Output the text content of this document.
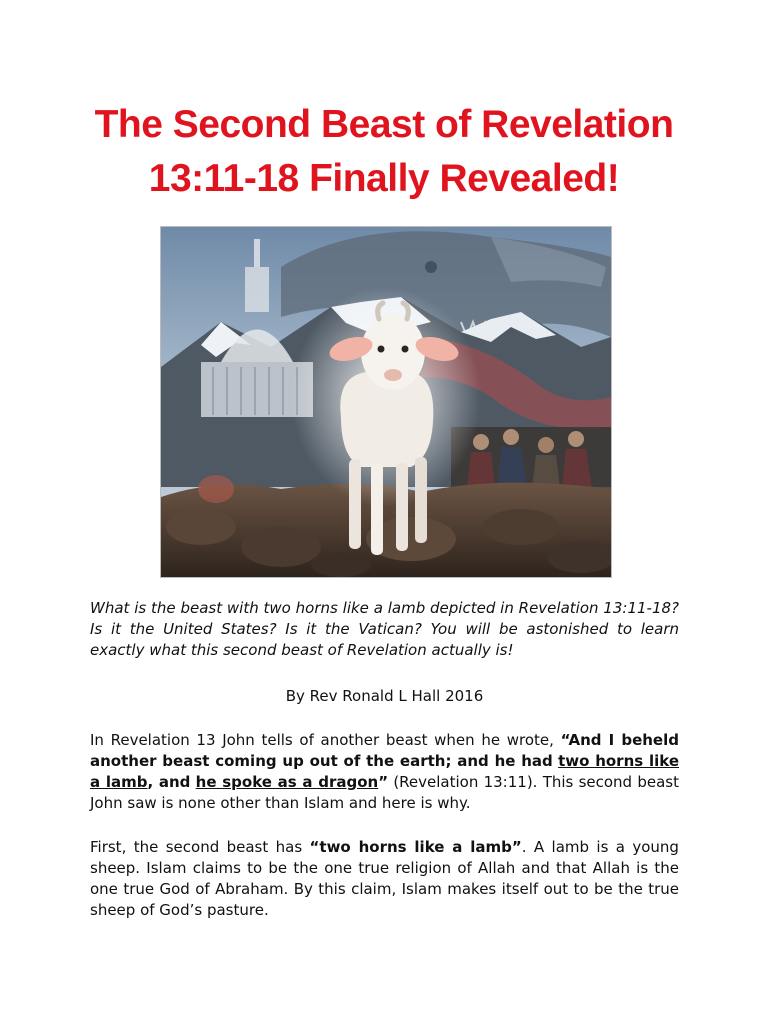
The Second Beast of Revelation 13:11-18 Finally Revealed!

What is the beast with two horns like a lamb depicted in Revelation 13:11-18? Is it the United States? Is it the Vatican? You will be astonished to learn exactly what this second beast of Revelation actually is!

By Rev Ronald L Hall 2016

In Revelation 13 John tells of another beast when he wrote, “And I beheld another beast coming up out of the earth; and he had two horns like a lamb, and he spoke as a dragon” (Revelation 13:11). This second beast John saw is none other than Islam and here is why.

First, the second beast has “two horns like a lamb”. A lamb is a young sheep. Islam claims to be the one true religion of Allah and that Allah is the one true God of Abraham. By this claim, Islam makes itself out to be the true sheep of God’s pasture.
